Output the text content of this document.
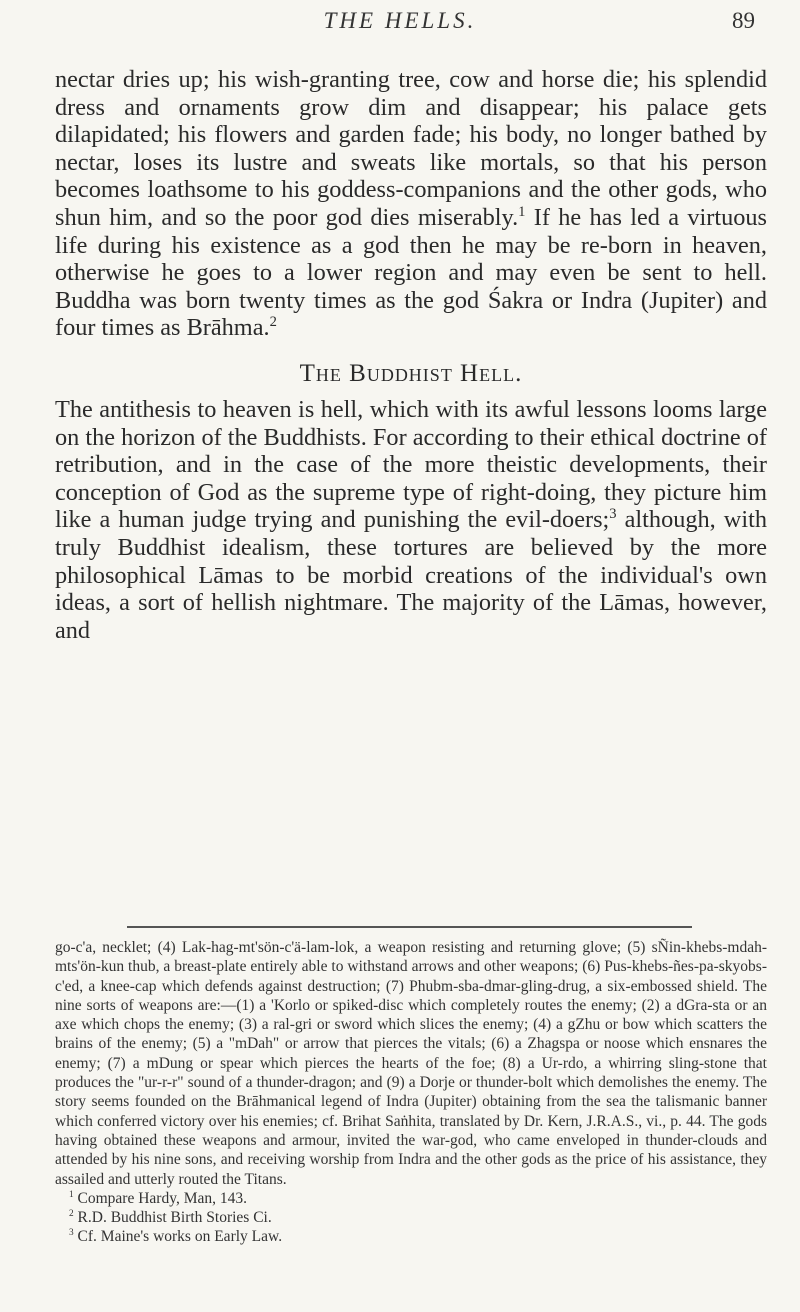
THE HELLS.	89

nectar dries up; his wish-granting tree, cow and horse die; his splendid dress and ornaments grow dim and disappear; his palace gets dilapidated; his flowers and garden fade; his body, no longer bathed by nectar, loses its lustre and sweats like mortals, so that his person becomes loathsome to his goddess-companions and the other gods, who shun him, and so the poor god dies miserably.$^1$ If he has led a virtuous life during his existence as a god then he may be re-born in heaven, otherwise he goes to a lower region and may even be sent to hell. Buddha was born twenty times as the god Śakra or Indra (Jupiter) and four times as Brāhma.$^2$

The Buddhist Hell.

The antithesis to heaven is hell, which with its awful lessons looms large on the horizon of the Buddhists. For according to their ethical doctrine of retribution, and in the case of the more theistic developments, their conception of God as the supreme type of right-doing, they picture him like a human judge trying and punishing the evil-doers;$^3$ although, with truly Buddhist idealism, these tortures are believed by the more philosophical Lāmas to be morbid creations of the individual's own ideas, a sort of hellish nightmare. The majority of the Lāmas, however, and

go-c'a, necklet; (4) Lak-hag-mt'sön-c'ä-lam-lok, a weapon resisting and returning glove; (5) sÑin-khebs-mdah-mts'ön-kun thub, a breast-plate entirely able to withstand arrows and other weapons; (6) Pus-khebs-ñes-pa-skyobs-c'ed, a knee-cap which defends against destruction; (7) Phubm-sba-dmar-gling-drug, a six-embossed shield. The nine sorts of weapons are:—(1) a 'Korlo or spiked-disc which completely routes the enemy; (2) a dGra-sta or an axe which chops the enemy; (3) a ral-gri or sword which slices the enemy; (4) a gZhu or bow which scatters the brains of the enemy; (5) a "mDah" or arrow that pierces the vitals; (6) a Zhagspa or noose which ensnares the enemy; (7) a mDung or spear which pierces the hearts of the foe; (8) a Ur-rdo, a whirring sling-stone that produces the "ur-r-r" sound of a thunder-dragon; and (9) a Dorje or thunder-bolt which demolishes the enemy. The story seems founded on the Brāhmanical legend of Indra (Jupiter) obtaining from the sea the talismanic banner which conferred victory over his enemies; cf. Brihat Saṅhita, translated by Dr. Kern, J.R.A.S., vi., p. 44. The gods having obtained these weapons and armour, invited the war-god, who came enveloped in thunder-clouds and attended by his nine sons, and receiving worship from Indra and the other gods as the price of his assistance, they assailed and utterly routed the Titans.

$^1$ Compare Hardy, Man, 143.
$^2$ R.D. Buddhist Birth Stories Ci.
$^3$ Cf. Maine's works on Early Law.
